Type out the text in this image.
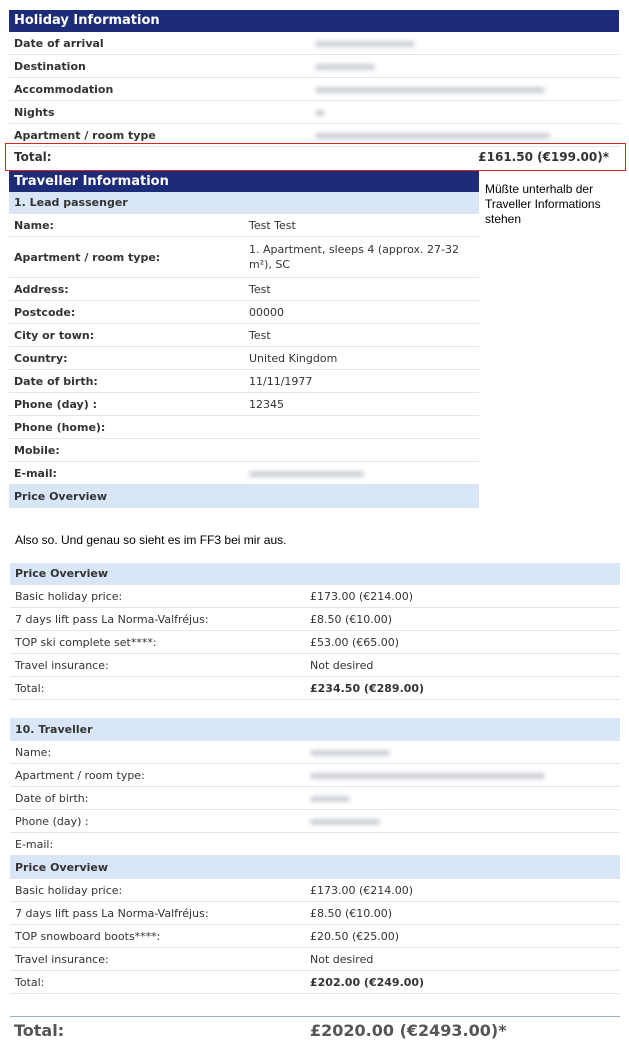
Holiday Information
Date of arrival
Destination
Accommodation
Nights
Apartment / room type
Total:	£161.50 (€199.00)*
Traveller Information
1. Lead passenger
Name:	Test Test
Apartment / room type:
1. Apartment, sleeps 4 (approx. 27-32 m²), SC
Address:	Test
Postcode:	00000
City or town:	Test
Country:	United Kingdom
Date of birth:	11/11/1977
Phone (day) :	12345
Phone (home):
Mobile:
E-mail:
Price Overview
Müßte unterhalb der
Traveller Informations
stehen
Also so. Und genau so sieht es im FF3 bei mir aus.
Price Overview
Basic holiday price:	£173.00 (€214.00)
7 days lift pass La Norma-Valfréjus:	£8.50 (€10.00)
TOP ski complete set****:	£53.00 (€65.00)
Travel insurance:	Not desired
Total:	£234.50 (€289.00)
10. Traveller
Name:
Apartment / room type:
Date of birth:
Phone (day) :
E-mail:
Price Overview
Basic holiday price:	£173.00 (€214.00)
7 days lift pass La Norma-Valfréjus:	£8.50 (€10.00)
TOP snowboard boots****:	£20.50 (€25.00)
Travel insurance:	Not desired
Total:	£202.00 (€249.00)
Total:	£2020.00 (€2493.00)*
